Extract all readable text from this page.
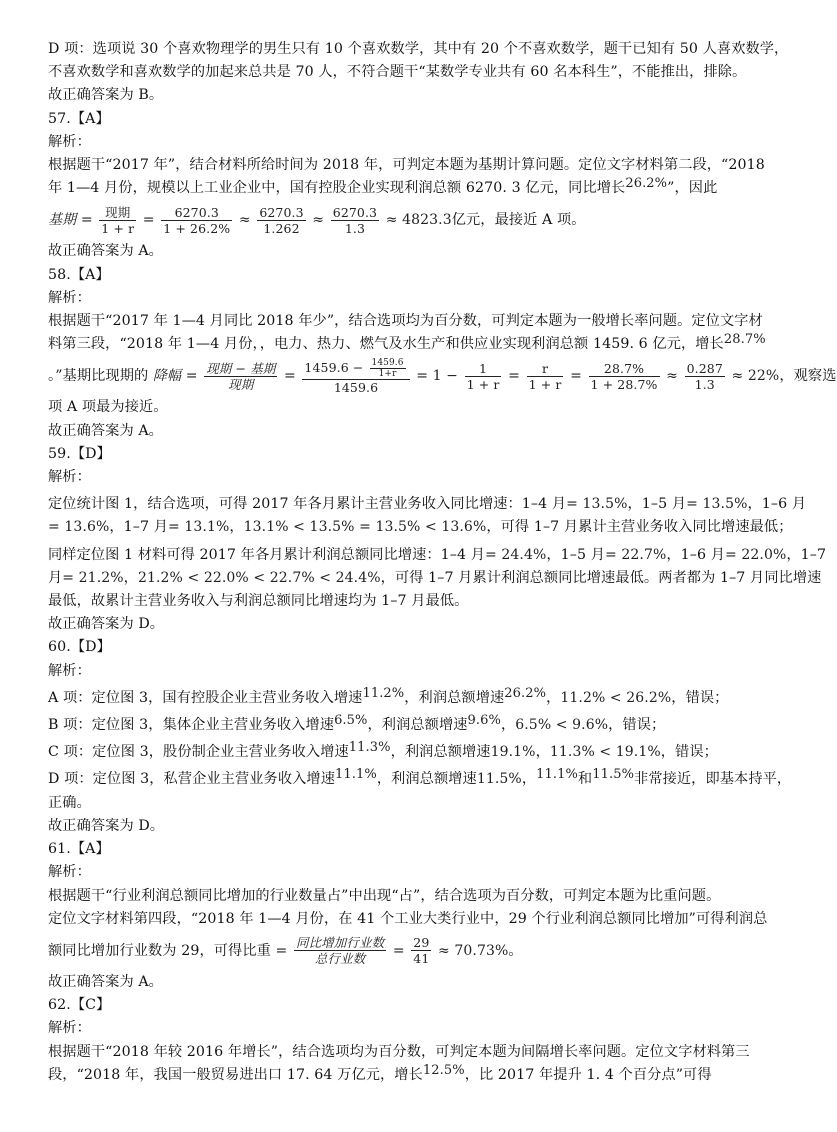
D 项：选项说 30 个喜欢物理学的男生只有 10 个喜欢数学，其中有 20 个不喜欢数学，题干已知有 50 人喜欢数学，

不喜欢数学和喜欢数学的加起来总共是 70 人，不符合题干“某数学专业共有 60 名本科生”，不能推出，排除。

故正确答案为 B。

57.【A】

解析：

根据题干“2017 年”，结合材料所给时间为 2018 年，可判定本题为基期计算问题。定位文字材料第二段，“2018

年 1—4 月份，规模以上工业企业中，国有控股企业实现利润总额 6270. 3 亿元，同比增长26.2%”，因此

基期 = $\frac{\text{现期}}{1 + r} = \frac{6270.3}{1 + 26.2\%} \approx \frac{6270.3}{1.262} \approx \frac{6270.3}{1.3} \approx 4823.3$亿元，最接近 A 项。

故正确答案为 A。

58.【A】

解析：

根据题干“2017 年 1—4 月同比 2018 年少”，结合选项均为百分数，可判定本题为一般增长率问题。定位文字材

料第三段，“2018 年 1—4 月份，，电力、热力、燃气及水生产和供应业实现利润总额 1459. 6 亿元，增长28.7%

。”基期比现期的 降幅 = $\frac{\text{现期 − 基期}}{\text{现期}} = \frac{1459.6 - \frac{1459.6}{1+r}}{1459.6} = 1 - \frac{1}{1 + r} = \frac{r}{1 + r} = \frac{28.7\%}{1 + 28.7\%} \approx \frac{0.287}{1.3} \approx 22\%$，观察选

项 A 项最为接近。

故正确答案为 A。

59.【D】

解析：

定位统计图 1，结合选项，可得 2017 年各月累计主营业务收入同比增速：1–4 月= 13.5%，1–5 月= 13.5%，1–6 月

= 13.6%，1–7 月= 13.1%，13.1% < 13.5% = 13.5% < 13.6%，可得 1–7 月累计主营业务收入同比增速最低；

同样定位图 1 材料可得 2017 年各月累计利润总额同比增速：1–4 月= 24.4%，1–5 月= 22.7%，1–6 月= 22.0%，1–7

月= 21.2%，21.2% < 22.0% < 22.7% < 24.4%，可得 1–7 月累计利润总额同比增速最低。两者都为 1–7 月同比增速

最低，故累计主营业务收入与利润总额同比增速均为 1–7 月最低。

故正确答案为 D。

60.【D】

解析：

A 项：定位图 3，国有控股企业主营业务收入增速11.2%，利润总额增速26.2%，11.2% < 26.2%，错误；

B 项：定位图 3，集体企业主营业务收入增速6.5%，利润总额增速9.6%，6.5% < 9.6%，错误；

C 项：定位图 3，股份制企业主营业务收入增速11.3%，利润总额增速19.1%，11.3% < 19.1%，错误；

D 项：定位图 3，私营企业主营业务收入增速11.1%，利润总额增速11.5%，11.1%和11.5%非常接近，即基本持平，

正确。

故正确答案为 D。

61.【A】

解析：

根据题干“行业利润总额同比增加的行业数量占”中出现“占”，结合选项为百分数，可判定本题为比重问题。

定位文字材料第四段，“2018 年 1—4 月份，在 41 个工业大类行业中，29 个行业利润总额同比增加”可得利润总

额同比增加行业数为 29，可得比重 = $\frac{\text{同比增加行业数}}{\text{总行业数}} = \frac{29}{41} \approx 70.73\%$。

故正确答案为 A。

62.【C】

解析：

根据题干“2018 年较 2016 年增长”，结合选项均为百分数，可判定本题为间隔增长率问题。定位文字材料第三

段，“2018 年，我国一般贸易进出口 17. 64 万亿元，增长12.5%，比 2017 年提升 1. 4 个百分点”可得
